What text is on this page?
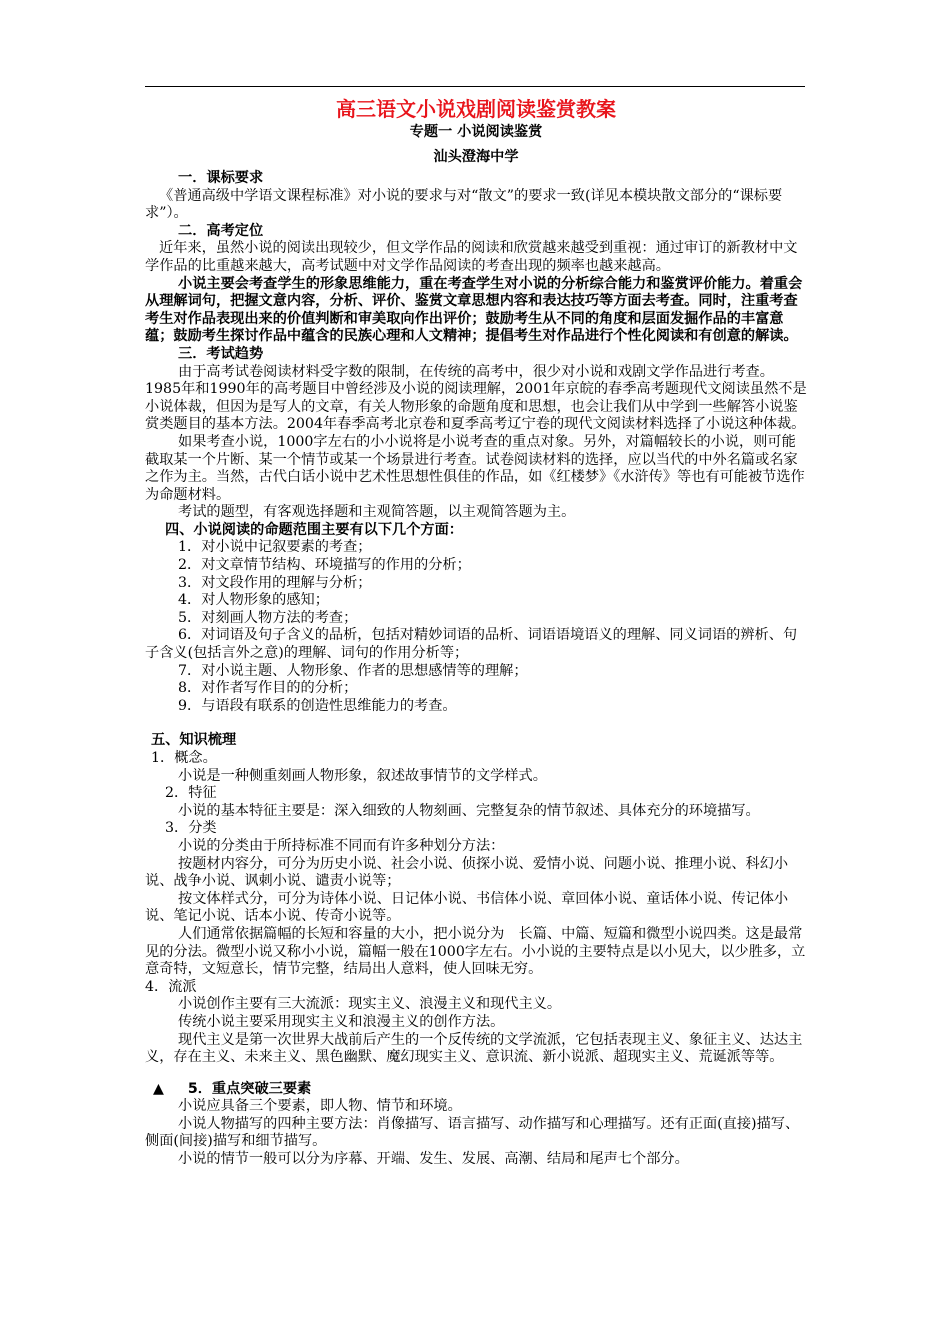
高三语文小说戏剧阅读鉴赏教案
专题一 小说阅读鉴赏
汕头澄海中学
一．课标要求
《普通高级中学语文课程标准》对小说的要求与对“散文”的要求一致(详见本模块散文部分的“课标要求”）。
二．高考定位
近年来，虽然小说的阅读出现较少，但文学作品的阅读和欣赏越来越受到重视：通过审订的新教材中文学作品的比重越来越大，高考试题中对文学作品阅读的考查出现的频率也越来越高。
小说主要会考查学生的形象思维能力，重在考查学生对小说的分析综合能力和鉴赏评价能力。着重会从理解词句，把握文意内容，分析、评价、鉴赏文章思想内容和表达技巧等方面去考查。同时，注重考查考生对作品表现出来的价值判断和审美取向作出评价；鼓励考生从不同的角度和层面发掘作品的丰富意蕴；鼓励考生探讨作品中蕴含的民族心理和人文精神；提倡考生对作品进行个性化阅读和有创意的解读。
三．考试趋势
由于高考试卷阅读材料受字数的限制，在传统的高考中，很少对小说和戏剧文学作品进行考查。1985年和1990年的高考题目中曾经涉及小说的阅读理解，2001年京皖的春季高考题现代文阅读虽然不是小说体裁，但因为是写人的文章，有关人物形象的命题角度和思想，也会让我们从中学到一些解答小说鉴赏类题目的基本方法。2004年春季高考北京卷和夏季高考辽宁卷的现代文阅读材料选择了小说这种体裁。
如果考查小说，1000字左右的小小说将是小说考查的重点对象。另外，对篇幅较长的小说，则可能截取某一个片断、某一个情节或某一个场景进行考查。试卷阅读材料的选择，应以当代的中外名篇或名家之作为主。当然，古代白话小说中艺术性思想性俱佳的作品，如《红楼梦》《水浒传》等也有可能被节选作为命题材料。
考试的题型，有客观选择题和主观简答题，以主观简答题为主。
四、小说阅读的命题范围主要有以下几个方面：
1．对小说中记叙要素的考查；
2．对文章情节结构、环境描写的作用的分析；
3．对文段作用的理解与分析；
4．对人物形象的感知；
5．对刻画人物方法的考查；
6．对词语及句子含义的品析，包括对精妙词语的品析、词语语境语义的理解、同义词语的辨析、句子含义(包括言外之意)的理解、词句的作用分析等；
7．对小说主题、人物形象、作者的思想感情等的理解；
8．对作者写作目的的分析；
9．与语段有联系的创造性思维能力的考查。
五、知识梳理
1．概念。
小说是一种侧重刻画人物形象，叙述故事情节的文学样式。
2．特征
小说的基本特征主要是：深入细致的人物刻画、完整复杂的情节叙述、具体充分的环境描写。
3．分类
小说的分类由于所持标准不同而有许多种划分方法：
按题材内容分，可分为历史小说、社会小说、侦探小说、爱情小说、问题小说、推理小说、科幻小说、战争小说、讽刺小说、谴责小说等；
按文体样式分，可分为诗体小说、日记体小说、书信体小说、章回体小说、童话体小说、传记体小说、笔记小说、话本小说、传奇小说等。
人们通常依据篇幅的长短和容量的大小，把小说分为　长篇、中篇、短篇和微型小说四类。这是最常见的分法。微型小说又称小小说，篇幅一般在1000字左右。小小说的主要特点是以小见大，以少胜多，立意奇特，文短意长，情节完整，结局出人意料，使人回味无穷。
4．流派
小说创作主要有三大流派：现实主义、浪漫主义和现代主义。
传统小说主要采用现实主义和浪漫主义的创作方法。
现代主义是第一次世界大战前后产生的一个反传统的文学流派，它包括表现主义、象征主义、达达主义，存在主义、未来主义、黑色幽默、魔幻现实主义、意识流、新小说派、超现实主义、荒诞派等等。
▲ 5．重点突破三要素
小说应具备三个要素，即人物、情节和环境。
小说人物描写的四种主要方法：肖像描写、语言描写、动作描写和心理描写。还有正面(直接)描写、侧面(间接)描写和细节描写。
小说的情节一般可以分为序幕、开端、发生、发展、高潮、结局和尾声七个部分。
